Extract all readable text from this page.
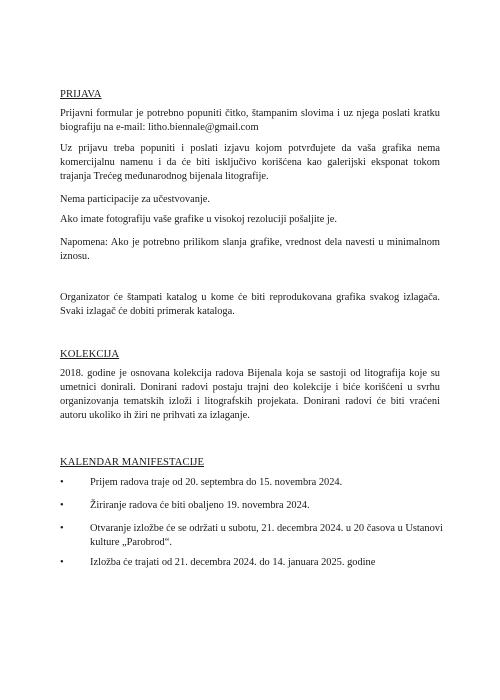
PRIJAVA

Prijavni formular je potrebno popuniti čitko, štampanim slovima i uz njega poslati kratku biografiju na e-mail: litho.biennale@gmail.com

Uz prijavu treba popuniti i poslati izjavu kojom potvrđujete da vaša grafika nema komercijalnu namenu i da će biti isključivo korišćena kao galerijski eksponat tokom trajanja Trećeg međunarodnog bijenala litografije.

Nema participacije za učestvovanje.

Ako imate fotografiju vaše grafike u visokoj rezoluciji pošaljite je.

Napomena: Ako je potrebno prilikom slanja grafike, vrednost dela navesti u minimalnom iznosu.

Organizator će štampati katalog u kome će biti reprodukovana grafika svakog izlagača. Svaki izlagač će dobiti primerak kataloga.

KOLEKCIJA

2018. godine je osnovana kolekcija radova Bijenala koja se sastoji od litografija koje su umetnici donirali. Donirani radovi postaju trajni deo kolekcije i biće korišćeni u svrhu organizovanja tematskih izloži i litografskih projekata. Donirani radovi će biti vraćeni autoru ukoliko ih žiri ne prihvati za izlaganje.

KALENDAR MANIFESTACIJE
•	Prijem radova traje od 20. septembra do 15. novembra 2024.
•	Žiriranje radova će biti obaljeno 19. novembra 2024.
•	Otvaranje izložbe će se održati u subotu, 21. decembra 2024. u 20 časova u Ustanovi kulture „Parobrod“.
•	Izložba će trajati od 21. decembra 2024. do 14. januara 2025. godine
